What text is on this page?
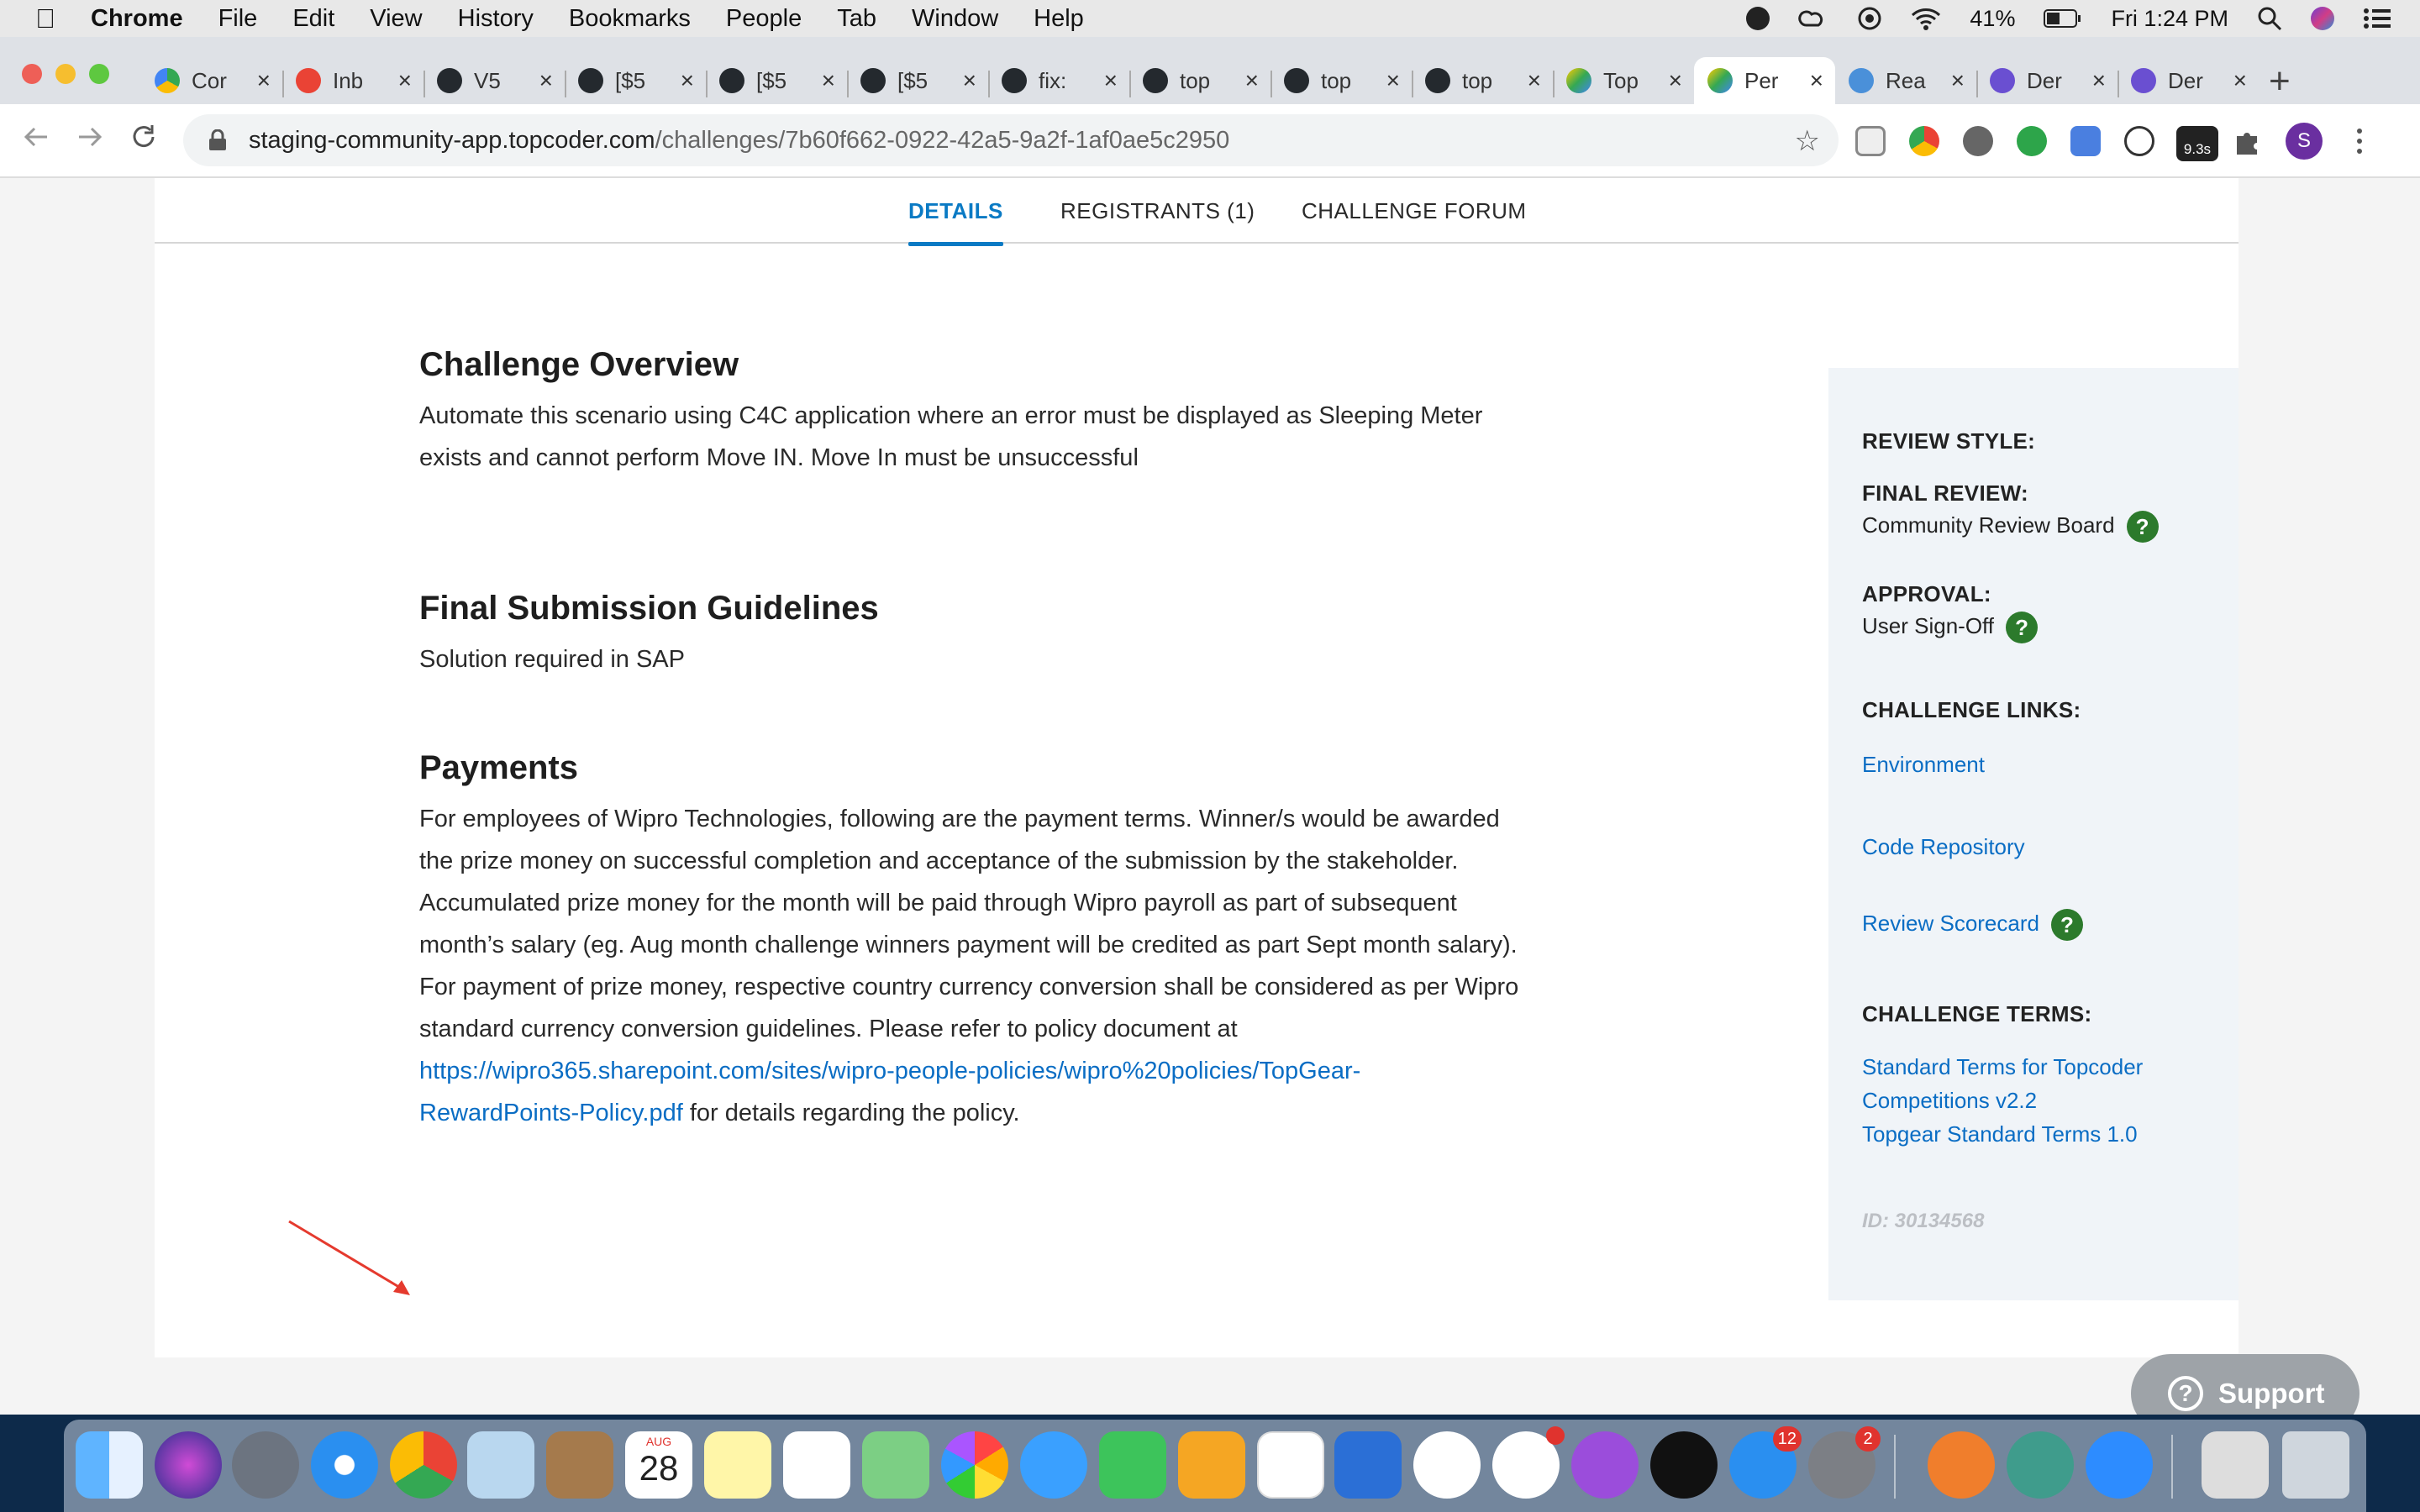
Chrome File Edit View History Bookmarks People Tab Window Help	41%	Fri 1:24 PM
Cor ×	Inb ×	V5 ×	[$5 ×	[$5 ×	[$5 ×	fix: ×	top ×	top ×	top ×	Top ×	Per ×	Rea ×	Der ×	Der × +
staging-community-app.topcoder.com /challenges/7b60f662-0922-42a5-9a2f-1af0ae5c2950	☆	9.3s	S
DETAILS	REGISTRANTS (1) CHALLENGE FORUM
Challenge Overview

Automate this scenario using C4C application where an error must be displayed as Sleeping Meter
exists and cannot perform Move IN. Move In must be unsuccessful

Final Submission Guidelines

Solution required in SAP

Payments

For employees of Wipro Technologies, following are the payment terms. Winner/s would be awarded
the prize money on successful completion and acceptance of the submission by the stakeholder.
Accumulated prize money for the month will be paid through Wipro payroll as part of subsequent
month’s salary (eg. Aug month challenge winners payment will be credited as part Sept month salary).
For payment of prize money, respective country currency conversion shall be considered as per Wipro
standard currency conversion guidelines. Please refer to policy document at
https://wipro365.sharepoint.com/sites/wipro-people-policies/wipro%20policies/TopGear-
RewardPoints-Policy.pdf for details regarding the policy.

REVIEW STYLE:
FINAL REVIEW:
Community Review Board ?
APPROVAL:
User Sign-Off ?
CHALLENGE LINKS:
Environment
Code Repository
Review Scorecard ?
CHALLENGE TERMS:
Standard Terms for Topcoder
Competitions v2.2
Topgear Standard Terms 1.0
ID: 30134568
? Support
AUG
28
12	2
